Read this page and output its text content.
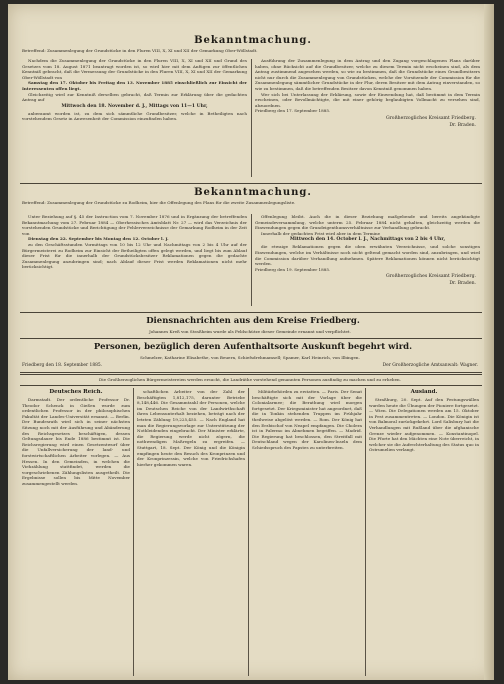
Bekanntmachung.

Betreffend: Zusammenlegung der Grundstücke in den Fluren VIII, X, XI und XII der Gemarkung Ober-Wöllstadt.

Nachdem die Zusammenlegung der Grundstücke in den Fluren VIII, X, XI und XII und Grund des Gesetzes vom 18. August 1871 beantragt worden ist, so wird hier mit dem Anfügen zur öffentlichen Kenntniß gebracht, daß die Vermessung der Grundstücke in den Fluren VIII, X, XI und XII der Gemarkung Ober-Wöllstadt von

Samstag den 17. Oktober bis Freitag den 13. November 1885 einschließlich zur Einsicht der Interessenten offen liegt.

Gleichzeitig wird zur Kenntniß derselben gebracht, daß Termin zur Erklärung über die gedachten Antrag auf

Mittwoch den 18. November d. J., Mittags von 11—1 Uhr,

anberaumt worden ist, zu dem sich sämmtliche Grundbesitzer, welche in Betheiligten nach vorstehendem Gesetz in Anwesenheit der Commission einzufinden haben.

Ausführung der Zusammenlegung in dem Antrag und den Zugang vorgeschlagenen Plans darüber haben, ohne Rücksicht auf die Grundbesitzer, welche zu diesem Termin nicht erscheinen sind, als dem Antrag zustimmend angesehen werden, so wie zu bestimmen, daß die Grundstücke eines Grundbesitzers nicht nur durch die Zusammenlegung von Grundstücken, welche der Vorsitzende der Commission für die Zusammenlegung sämmtlicher Grundstücke in der Flur, deren Besitzer mit dem Antrag einverstanden, so wie zu bestimmen, daß die betreffenden Besitzer davon Kenntniß genommen haben.

Wer sich bei Unterlassung der Erklärung, sowie der Einwendung hat, daß bestimmt in dem Termin erscheinen, oder Bevollmächtigte, die mit einer gehörig beglaubigten Vollmacht zu versehen sind, abzuordnen.

Friedberg den 17. September 1885.

Großherzogliches Kreisamt Friedberg.

Dr. Braden.

Bekanntmachung.

Betreffend: Zusammenlegung der Grundstücke zu Rodheim, hier die Offenlegung des Plans für die zweite Zusammenlegungsliste.

Unter Beziehung auf §. 45 der Instruction vom 7. November 1876 und in Ergänzung der betreffenden Bekanntmachung vom 27. Februar 1884 — Oberhessisches Amtsblatt Nr. 27 — wird das Verzeichnis der vorstehenden Grundstücke und Berichtigung der Fehlerverzeichnisse der Gemarkung Rodheim in der Zeit von

Dienstag den 22. September bis Montag den 12. October l. J.

zu den Geschäftsstunden Vormittags von 10 bis 12 Uhr und Nachmittags von 2 bis 4 Uhr auf der Bürgermeisterei zu Rodheim zur Einsicht der Betheiligten offen gelegt werden, und liegt bis zum Ablauf dieser Frist für die innerhalb der Grundstücksbesitzer Reklamationen gegen die gedachte Zusammenlegung anzubringen sind; nach Ablauf dieser Frist werden Reklamationen nicht mehr berücksichtigt.

Offenlegung bleibt. Auch die in dieser Beziehung maßgebende und bereits angekündigte Gemeindeversammlung, welche unterm 25. Februar 1884 nicht gehalten, gleichzeitig werden die Einwendungen gegen die Grundeigenthumsverhältnisse zur Verhandlung gebracht.

Innerhalb der gedachten Frist wird aber in dem Termine

Mittwoch den 14. October l. J., Nachmittags von 2 bis 4 Uhr,

die etwaige Reklamationen gegen die oben erwähnten Verzeichnisse, und solche sonstigen Einwendungen, welche im Verhältnisse noch nicht geltend gemacht worden sind, anzubringen, und wird die Commission darüber Verhandlung aufnehmen. Spätere Reklamationen können nicht berücksichtigt werden.

Friedberg den 19. September 1885.

Großherzogliches Kreisamt Friedberg.

Dr. Braden.

Diensnachrichten aus dem Kreise Friedberg.

Johannes Kreß von Straßheim wurde als Feldschütze dieser Gemeinde ernannt und verpflichtet.

Personen, bezüglich deren Aufenthaltsorte Auskunft begehrt wird.

Schmelzer, Katharine Elisabethe, von Beuern, Schiefsdrehmamsell; Spamer, Karl Heinrich, von Ilbingen.

Friedberg den 18. September 1885.	Der Großherzogliche Amtsanwalt: Wagner.

Die Großherzoglichen Bürgermeistereien werden ersucht, die Landräthe vorstehend genannten Personen ausfindig zu machen und zu erheben.

Deutsches Reich.

Darmstadt. Der ordentliche Professor Dr. Theodor Schenck in Gießen wurde zum ordentlichen Professor in der philosophischen Fakultät der Landes-Universität ernannt. — Berlin. Der Bundesrath wird sich in seiner nächsten Sitzung noch mit der Ausführung und Abänderung des Reichsgesetzes beschäftigen, dessen Geltungsdauer bis Ende 1886 bestimmt ist. Die Reichsregierung wird einen Gesetzentwurf über die Unfallversicherung der land- und forstwirtschaftlichen Arbeiter vorlegen. — Aus Hessen. In den Gemeinden, in welchen die Viehzählung stattfindet, werden die vorgeschriebenen Zählungslisten ausgetheilt. Die Ergebnisse sollen bis Mitte November zusammengestellt werden.

schaftlichen Arbeiter von der Zahl der Beschäftigten 1,812,175, darunter Betriebe 8,148,446. Die Gesammtzahl der Personen, welche im Deutschen Reiche von der Landwirthschaft ihren Lebensunterhalt beziehen, beträgt nach der letzten Zählung 19,225,455. — Nach England hat man die Regierungsvorlage zur Unterstützung der Nothleidenden eingebracht. Der Minister erklärte, die Regierung werde nicht zögern, die nothwendigen Maßregeln zu ergreifen. — Stuttgart, 18. Sept. Der König und die Königin empfingen heute den Besuch des Kronprinzen und der Kronprinzessin, welche von Friedrichshafen hierher gekommen waren.

Militärbehörden zu erstatten. — Paris. Der Senat beschäftigte sich mit der Vorlage über die Colonialarmee; die Berathung wird morgen fortgesetzt. Der Kriegsminister hat angeordnet, daß die in Tonkin stehenden Truppen im Frühjahr theilweise abgelöst werden. — Rom. Der König hat den Erzbischof von Neapel empfangen. Die Cholera ist in Palermo im Abnehmen begriffen. — Madrid. Die Regierung hat beschlossen, den Streitfall mit Deutschland wegen der Karolinen-Inseln dem Schiedsspruch des Papstes zu unterbreiten.

Ausland.

Straßburg, 20. Sept. Auf den Festungswällen wurden heute die Übungen der Pioniere fortgesetzt. — Wien. Die Delegationen werden am 15. Oktober in Pest zusammentreten. — London. Die Königin ist von Balmoral zurückgekehrt. Lord Salisbury hat die Verhandlungen mit Rußland über die afghanische Grenze wieder aufgenommen. — Konstantinopel. Die Pforte hat den Mächten eine Note überreicht, in welcher sie die Aufrechterhaltung des Status quo in Ostrumelien verlangt.
